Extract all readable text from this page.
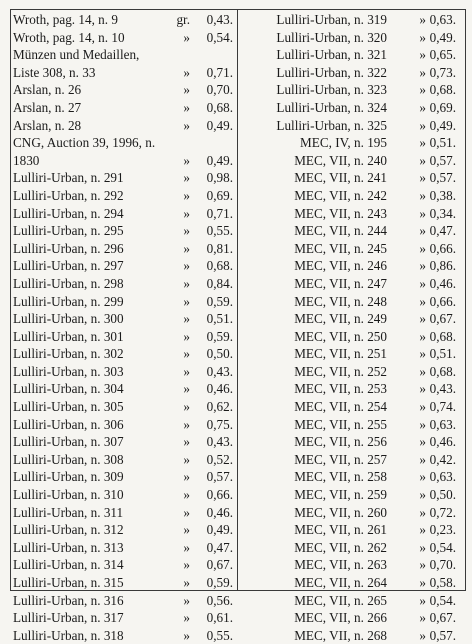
Wroth, pag. 14, n. 9	gr.	0,43.
Wroth, pag. 14, n. 10	»	0,54.
Münzen und Medaillen,
Liste 308, n. 33	»	0,71.
Arslan, n. 26	»	0,70.
Arslan, n. 27	»	0,68.
Arslan, n. 28	»	0,49.
CNG, Auction 39, 1996, n.
1830	»	0,49.
Lulliri-Urban, n. 291	»	0,98.
Lulliri-Urban, n. 292	»	0,69.
Lulliri-Urban, n. 294	»	0,71.
Lulliri-Urban, n. 295	»	0,55.
Lulliri-Urban, n. 296	»	0,81.
Lulliri-Urban, n. 297	»	0,68.
Lulliri-Urban, n. 298	»	0,84.
Lulliri-Urban, n. 299	»	0,59.
Lulliri-Urban, n. 300	»	0,51.
Lulliri-Urban, n. 301	»	0,59.
Lulliri-Urban, n. 302	»	0,50.
Lulliri-Urban, n. 303	»	0,43.
Lulliri-Urban, n. 304	»	0,46.
Lulliri-Urban, n. 305	»	0,62.
Lulliri-Urban, n. 306	»	0,75.
Lulliri-Urban, n. 307	»	0,43.
Lulliri-Urban, n. 308	»	0,52.
Lulliri-Urban, n. 309	»	0,57.
Lulliri-Urban, n. 310	»	0,66.
Lulliri-Urban, n. 311	»	0,46.
Lulliri-Urban, n. 312	»	0,49.
Lulliri-Urban, n. 313	»	0,47.
Lulliri-Urban, n. 314	»	0,67.
Lulliri-Urban, n. 315	»	0,59.
Lulliri-Urban, n. 316	»	0,56.
Lulliri-Urban, n. 317	»	0,61.
Lulliri-Urban, n. 318	»	0,55.
Lulliri-Urban, n. 319	» 0,63.
Lulliri-Urban, n. 320	» 0,49.
Lulliri-Urban, n. 321	» 0,65.
Lulliri-Urban, n. 322	» 0,73.
Lulliri-Urban, n. 323	» 0,68.
Lulliri-Urban, n. 324	» 0,69.
Lulliri-Urban, n. 325	» 0,49.
MEC, IV, n. 195	» 0,51.
MEC, VII, n. 240	» 0,57.
MEC, VII, n. 241	» 0,57.
MEC, VII, n. 242	» 0,38.
MEC, VII, n. 243	» 0,34.
MEC, VII, n. 244	» 0,47.
MEC, VII, n. 245	» 0,66.
MEC, VII, n. 246	» 0,86.
MEC, VII, n. 247	» 0,46.
MEC, VII, n. 248	» 0,66.
MEC, VII, n. 249	» 0,67.
MEC, VII, n. 250	» 0,68.
MEC, VII, n. 251	» 0,51.
MEC, VII, n. 252	» 0,68.
MEC, VII, n. 253	» 0,43.
MEC, VII, n. 254	» 0,74.
MEC, VII, n. 255	» 0,63.
MEC, VII, n. 256	» 0,46.
MEC, VII, n. 257	» 0,42.
MEC, VII, n. 258	» 0,63.
MEC, VII, n. 259	» 0,50.
MEC, VII, n. 260	» 0,72.
MEC, VII, n. 261	» 0,23.
MEC, VII, n. 262	» 0,54.
MEC, VII, n. 263	» 0,70.
MEC, VII, n. 264	» 0,58.
MEC, VII, n. 265	» 0,54.
MEC, VII, n. 266	» 0,67.
MEC, VII, n. 268	» 0,57.
